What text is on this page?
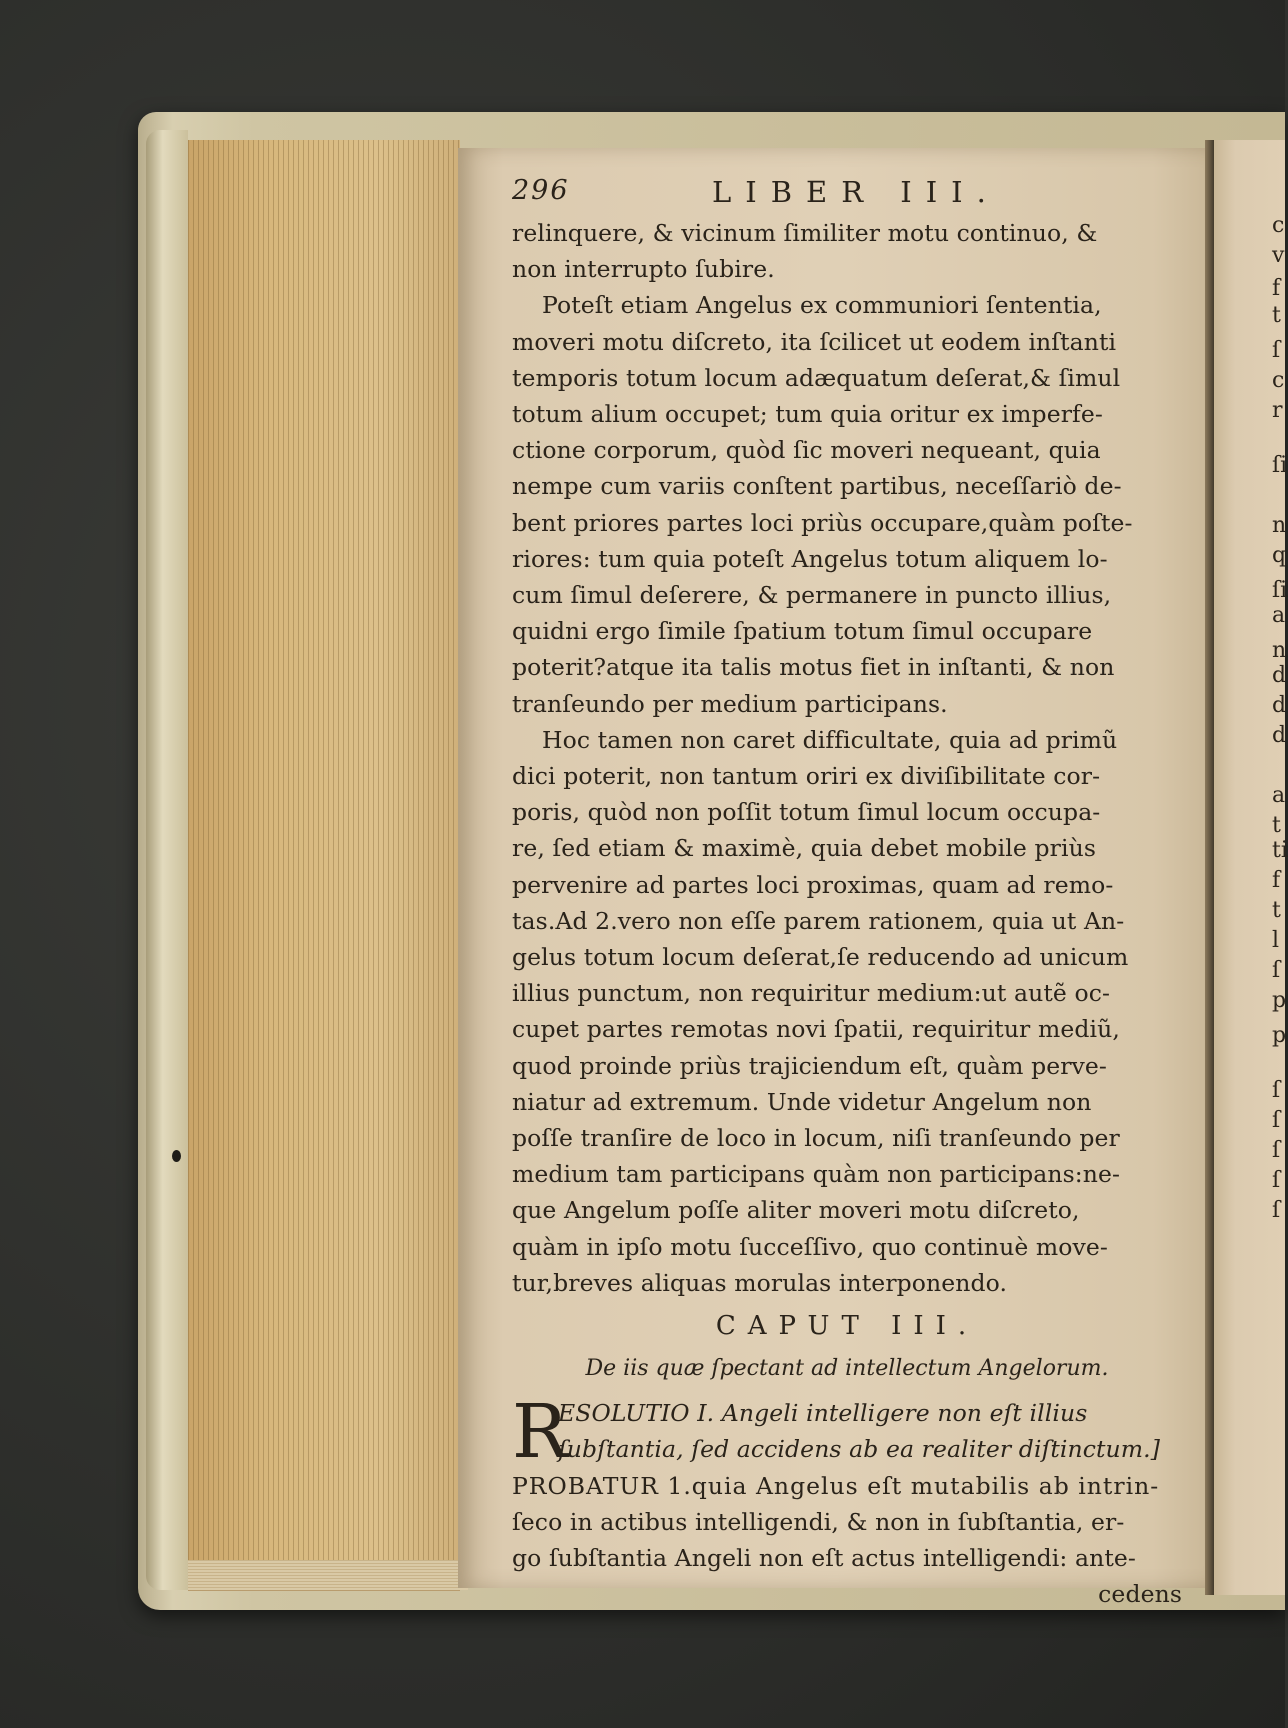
296	LIBER III.
relinquere, & vicinum ſimiliter motu continuo, &
non interrupto ſubire.
Poteſt etiam Angelus ex communiori ſententia,
moveri motu diſcreto, ita ſcilicet ut eodem inſtanti
temporis totum locum adæquatum deſerat,& ſimul
totum alium occupet; tum quia oritur ex imperfe-
ctione corporum, quòd ſic moveri nequeant, quia
nempe cum variis conſtent partibus, neceſſariò de-
bent priores partes loci priùs occupare,quàm poſte-
riores: tum quia poteſt Angelus totum aliquem lo-
cum ſimul deſerere, & permanere in puncto illius,
quidni ergo ſimile ſpatium totum ſimul occupare
poterit?atque ita talis motus fiet in inſtanti, & non
tranſeundo per medium participans.
Hoc tamen non caret difficultate, quia ad primũ
dici poterit, non tantum oriri ex diviſibilitate cor-
poris, quòd non poſſit totum ſimul locum occupa-
re, ſed etiam & maximè, quia debet mobile priùs
pervenire ad partes loci proximas, quam ad remo-
tas.Ad 2.vero non eſſe parem rationem, quia ut An-
gelus totum locum deſerat,ſe reducendo ad unicum
illius punctum, non requiritur medium:ut autẽ oc-
cupet partes remotas novi ſpatii, requiritur mediũ,
quod proinde priùs trajiciendum eſt, quàm perve-
niatur ad extremum. Unde videtur Angelum non
poſſe tranſire de loco in locum, niſi tranſeundo per
medium tam participans quàm non participans:ne-
que Angelum poſſe aliter moveri motu diſcreto,
quàm in ipſo motu ſucceſſivo, quo continuè move-
tur,breves aliquas morulas interponendo.
CAPUT III.
De iis quæ ſpectant ad intellectum Angelorum.
R
ESOLUTIO I. Angeli intelligere non eſt illius
ſubſtantia, ſed accidens ab ea realiter diſtinctum.]
PROBATUR 1.quia Angelus eſt mutabilis ab intrin-
ſeco in actibus intelligendi, & non in ſubſtantia, er-
go ſubſtantia Angeli non eſt actus intelligendi: ante-
cedens
c
v
f
t
ſ
c
r
ſi
n
q
ſi
a
n
d
d
d
a
t
ti
f
t
l
ſ
p
p
ſ
ſ
ſ
ſ
ſ
